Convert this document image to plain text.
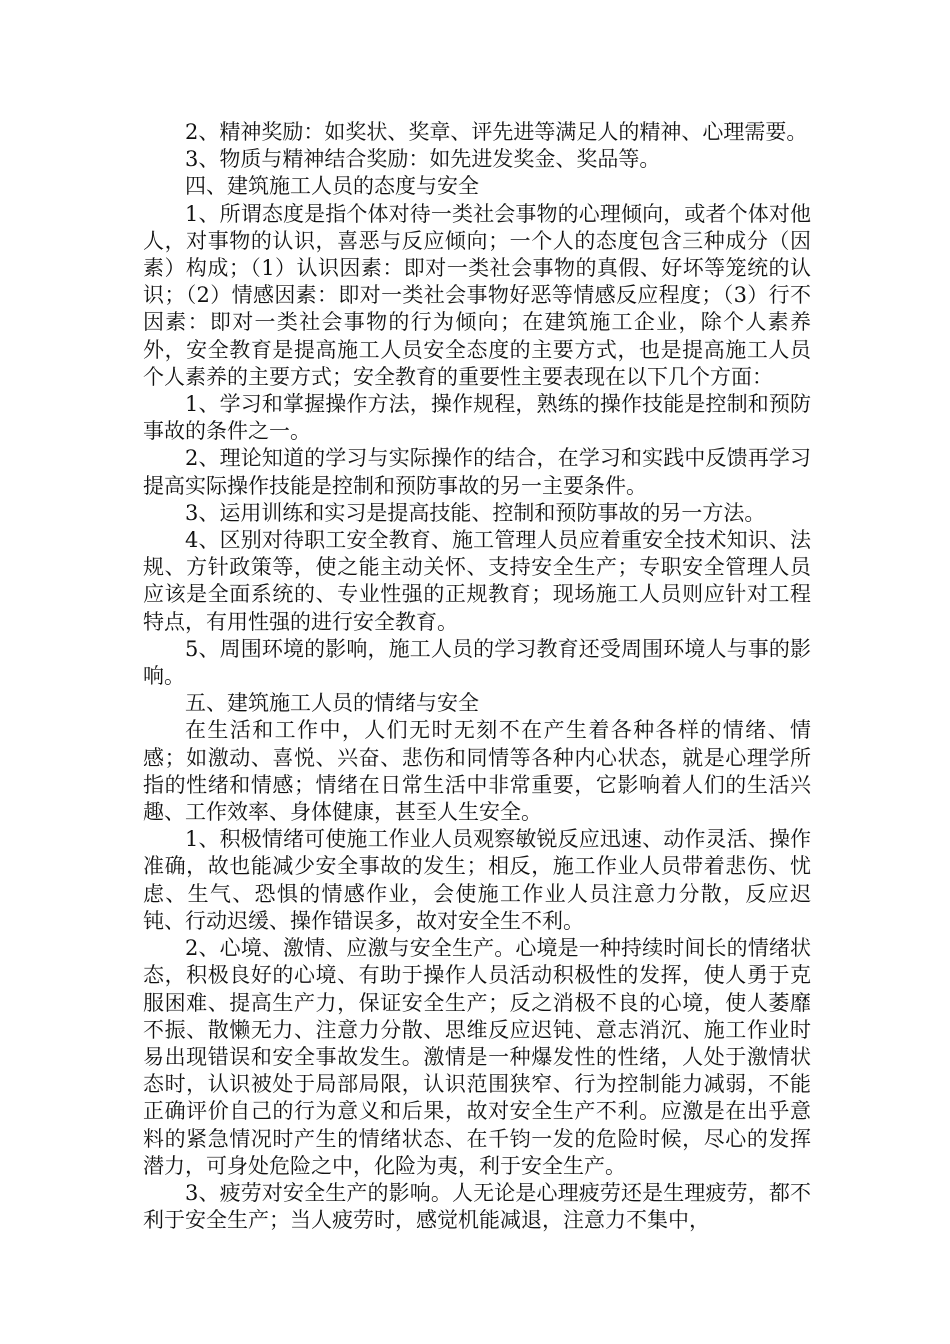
2、精神奖励：如奖状、奖章、评先进等满足人的精神、心理需要。

3、物质与精神结合奖励：如先进发奖金、奖品等。

四、建筑施工人员的态度与安全

1、所谓态度是指个体对待一类社会事物的心理倾向，或者个体对他人，对事物的认识，喜恶与反应倾向；一个人的态度包含三种成分（因素）构成；（1）认识因素：即对一类社会事物的真假、好坏等笼统的认识；（2）情感因素：即对一类社会事物好恶等情感反应程度；（3）行不因素：即对一类社会事物的行为倾向；在建筑施工企业，除个人素养外，安全教育是提高施工人员安全态度的主要方式，也是提高施工人员个人素养的主要方式；安全教育的重要性主要表现在以下几个方面：

1、学习和掌握操作方法，操作规程，熟练的操作技能是控制和预防事故的条件之一。

2、理论知道的学习与实际操作的结合，在学习和实践中反馈再学习提高实际操作技能是控制和预防事故的另一主要条件。

3、运用训练和实习是提高技能、控制和预防事故的另一方法。

4、区别对待职工安全教育、施工管理人员应着重安全技术知识、法规、方针政策等，使之能主动关怀、支持安全生产；专职安全管理人员应该是全面系统的、专业性强的正规教育；现场施工人员则应针对工程特点，有用性强的进行安全教育。

5、周围环境的影响，施工人员的学习教育还受周围环境人与事的影响。

五、建筑施工人员的情绪与安全

在生活和工作中，人们无时无刻不在产生着各种各样的情绪、情感；如激动、喜悦、兴奋、悲伤和同情等各种内心状态，就是心理学所指的性绪和情感；情绪在日常生活中非常重要，它影响着人们的生活兴趣、工作效率、身体健康，甚至人生安全。

1、积极情绪可使施工作业人员观察敏锐反应迅速、动作灵活、操作准确，故也能减少安全事故的发生；相反，施工作业人员带着悲伤、忧虑、生气、恐惧的情感作业，会使施工作业人员注意力分散，反应迟钝、行动迟缓、操作错误多，故对安全生不利。

2、心境、激情、应激与安全生产。心境是一种持续时间长的情绪状态，积极良好的心境、有助于操作人员活动积极性的发挥，使人勇于克服困难、提高生产力，保证安全生产；反之消极不良的心境，使人萎靡不振、散懒无力、注意力分散、思维反应迟钝、意志消沉、施工作业时易出现错误和安全事故发生。激情是一种爆发性的性绪，人处于激情状态时，认识被处于局部局限，认识范围狭窄、行为控制能力减弱，不能正确评价自己的行为意义和后果，故对安全生产不利。应激是在出乎意料的紧急情况时产生的情绪状态、在千钧一发的危险时候，尽心的发挥潜力，可身处危险之中，化险为夷，利于安全生产。

3、疲劳对安全生产的影响。人无论是心理疲劳还是生理疲劳，都不利于安全生产；当人疲劳时，感觉机能减退，注意力不集中，
